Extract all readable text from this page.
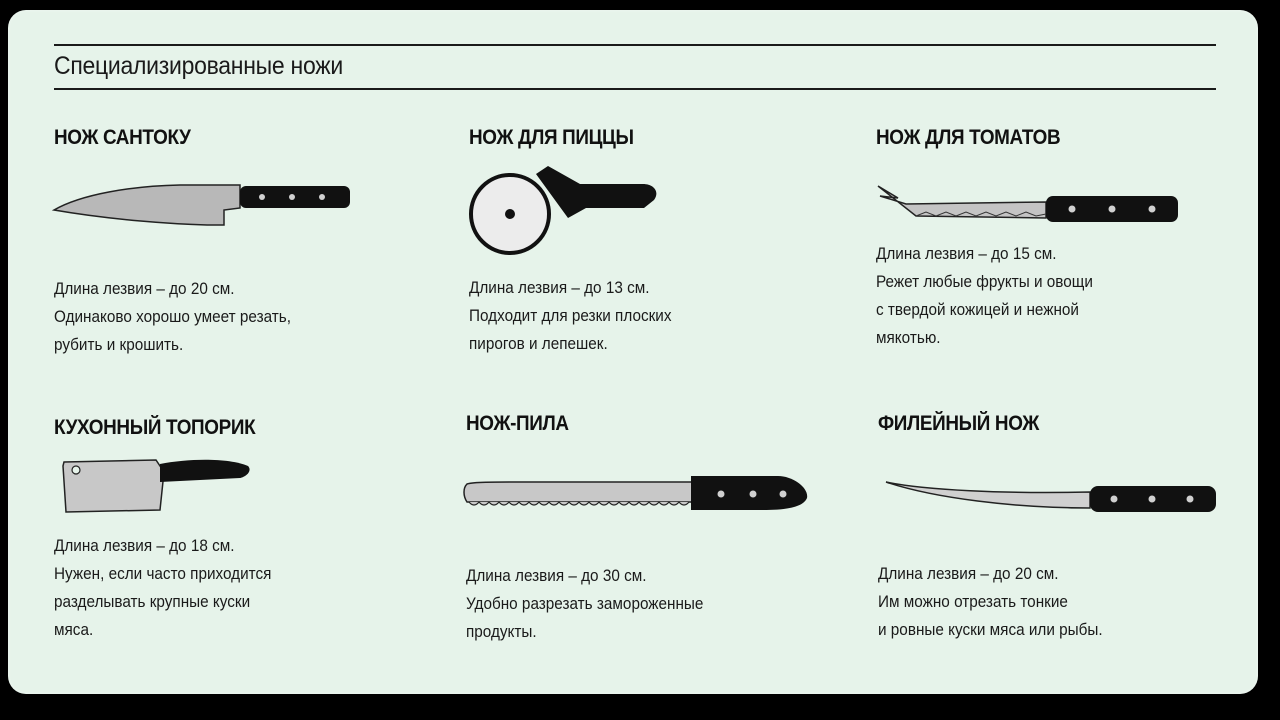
Специализированные ножи
НОЖ САНТОКУ

Длина лезвия – до 20 см.
Одинаково хорошо умеет резать,
рубить и крошить.

НОЖ ДЛЯ ПИЦЦЫ

Длина лезвия – до 13 см.
Подходит для резки плоских
пирогов и лепешек.

НОЖ ДЛЯ ТОМАТОВ

Длина лезвия – до 15 см.
Режет любые фрукты и овощи
с твердой кожицей и нежной
мякотью.

КУХОННЫЙ ТОПОРИК

Длина лезвия – до 18 см.
Нужен, если часто приходится
разделывать крупные куски
мяса.

НОЖ-ПИЛА

Длина лезвия – до 30 см.
Удобно разрезать замороженные
продукты.

ФИЛЕЙНЫЙ НОЖ

Длина лезвия – до 20 см.
Им можно отрезать тонкие
и ровные куски мяса или рыбы.
